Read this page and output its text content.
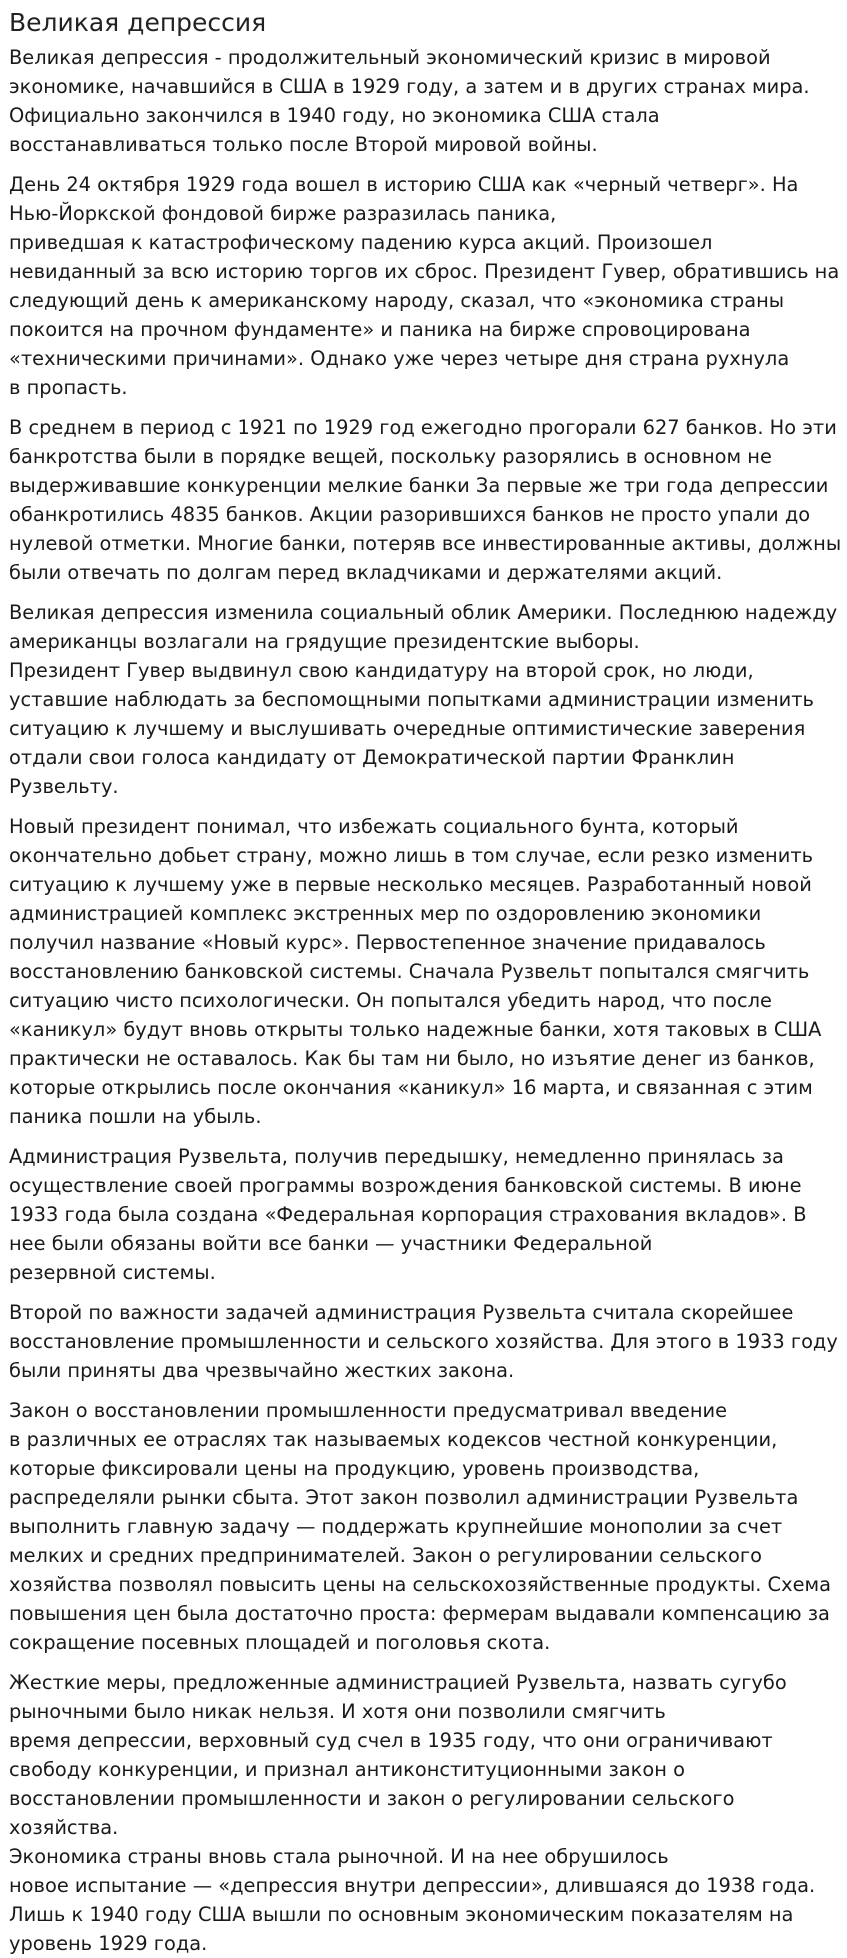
Великая депрессия

Великая депрессия - продолжительный экономический кризис в мировой экономике, начавшийся в США в 1929 году, а затем и в других странах мира. Официально закончился в 1940 году, но экономика США стала восстанавливаться только после Второй мировой войны.

День 24 октября 1929 года вошел в историю США как «черный четверг». На Нью-Йоркской фондовой бирже разразилась паника,
приведшая к катастрофическому падению курса акций. Произошел невиданный за всю историю торгов их сброс. Президент Гувер, обратившись на следующий день к американскому народу, сказал, что «экономика страны покоится на прочном фундаменте» и паника на бирже спровоцирована «техническими причинами». Однако уже через четыре дня страна рухнула
в пропасть.

В среднем в период с 1921 по 1929 год ежегодно прогорали 627 банков. Но эти банкротства были в порядке вещей, поскольку разорялись в основном не выдерживавшие конкуренции мелкие банки За первые же три года депрессии обанкротились 4835 банков. Акции разорившихся банков не просто упали до нулевой отметки. Многие банки, потеряв все инвестированные активы, должны были отвечать по долгам перед вкладчиками и держателями акций.

Великая депрессия изменила социальный облик Америки. Последнюю надежду американцы возлагали на грядущие президентские выборы.
Президент Гувер выдвинул свою кандидатуру на второй срок, но люди, уставшие наблюдать за беспомощными попытками администрации изменить ситуацию к лучшему и выслушивать очередные оптимистические заверения отдали свои голоса кандидату от Демократической партии Франклин Рузвельту.

Новый президент понимал, что избежать социального бунта, который окончательно добьет страну, можно лишь в том случае, если резко изменить ситуацию к лучшему уже в первые несколько месяцев. Разработанный новой администрацией комплекс экстренных мер по оздоровлению экономики получил название «Новый курс». Первостепенное значение придавалось восстановлению банковской системы. Сначала Рузвельт попытался смягчить ситуацию чисто психологически. Он попытался убедить народ, что после «каникул» будут вновь открыты только надежные банки, хотя таковых в США практически не оставалось. Как бы там ни было, но изъятие денег из банков, которые открылись после окончания «каникул» 16 марта, и связанная с этим паника пошли на убыль.

Администрация Рузвельта, получив передышку, немедленно принялась за осуществление своей программы возрождения банковской системы. В июне 1933 года была создана «Федеральная корпорация страхования вкладов». В нее были обязаны войти все банки — участники Федеральной
резервной системы.

Второй по важности задачей администрация Рузвельта считала скорейшее восстановление промышленности и сельского хозяйства. Для этого в 1933 году были приняты два чрезвычайно жестких закона.

Закон о восстановлении промышленности предусматривал введение
в различных ее отраслях так называемых кодексов честной конкуренции, которые фиксировали цены на продукцию, уровень производства, распределяли рынки сбыта. Этот закон позволил администрации Рузвельта выполнить главную задачу — поддержать крупнейшие монополии за счет мелких и средних предпринимателей. Закон о регулировании сельского хозяйства позволял повысить цены на сельскохозяйственные продукты. Схема повышения цен была достаточно проста: фермерам выдавали компенсацию за сокращение посевных площадей и поголовья скота.

Жесткие меры, предложенные администрацией Рузвельта, назвать сугубо рыночными было никак нельзя. И хотя они позволили смягчить
время депрессии, верховный суд счел в 1935 году, что они ограничивают свободу конкуренции, и признал антиконституционными закон о восстановлении промышленности и закон о регулировании сельского хозяйства.
Экономика страны вновь стала рыночной. И на нее обрушилось
новое испытание — «депрессия внутри депрессии», длившаяся до 1938 года. Лишь к 1940 году США вышли по основным экономическим показателям на уровень 1929 года.
